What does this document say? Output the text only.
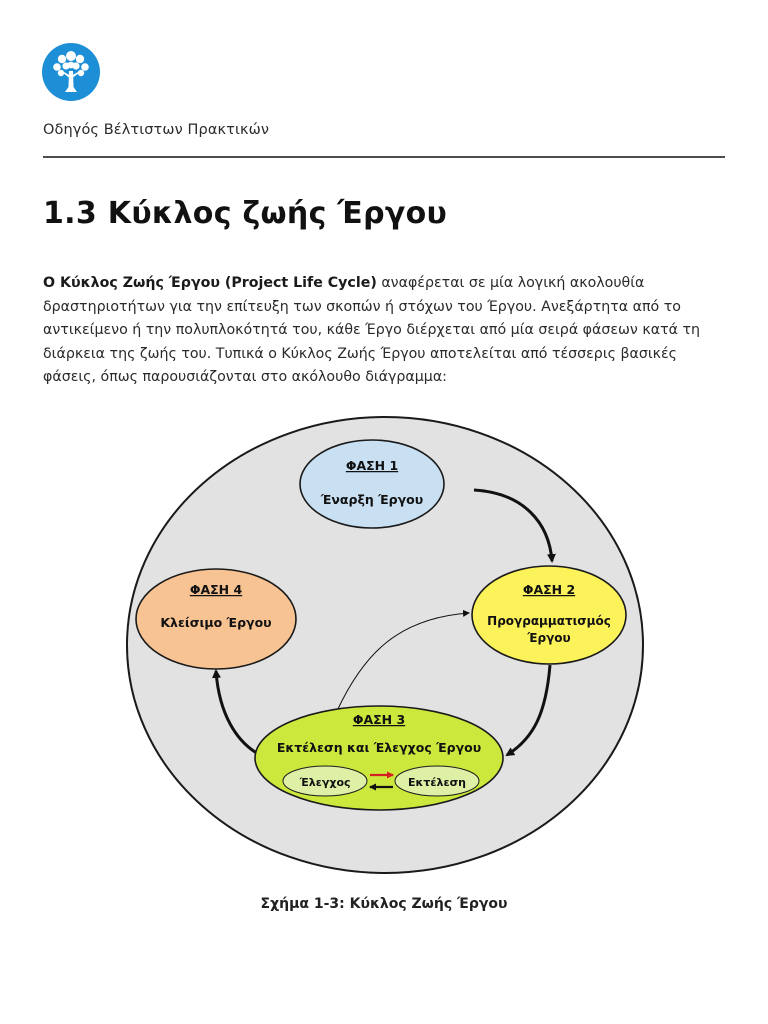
Οδηγός Βέλτιστων Πρακτικών
1.3 Κύκλος ζωής Έργου

Ο Κύκλος Ζωής Έργου (Project Life Cycle) αναφέρεται σε μία λογική ακολουθία δραστηριοτήτων για την επίτευξη των σκοπών ή στόχων του Έργου. Ανεξάρτητα από το αντικείμενο ή την πολυπλοκότητά του, κάθε Έργο διέρχεται από μία σειρά φάσεων κατά τη διάρκεια της ζωής του. Τυπικά ο Κύκλος Ζωής Έργου αποτελείται από τέσσερις βασικές φάσεις, όπως παρουσιάζονται στο ακόλουθο διάγραμμα:

ΦΑΣΗ 1
Έναρξη Έργου
ΦΑΣΗ 2
Προγραμματισμός
Έργου
ΦΑΣΗ 4
Κλείσιμο Έργου
ΦΑΣΗ 3
Εκτέλεση και Έλεγχος Έργου
Έλεγχος	Εκτέλεση
Σχήμα 1-3: Κύκλος Ζωής Έργου
